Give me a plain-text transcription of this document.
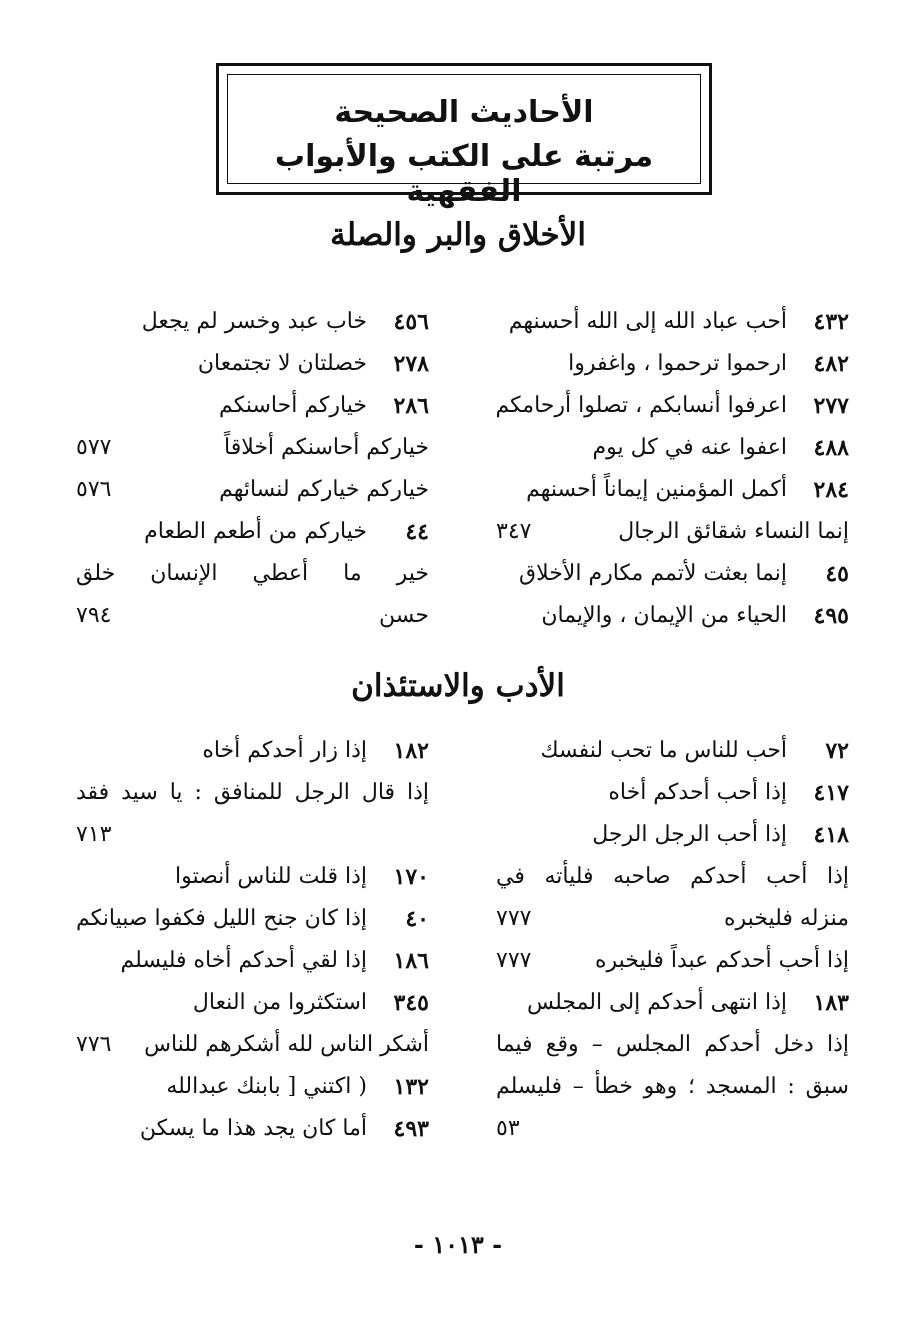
الأحاديث الصحيحة
مرتبة على الكتب والأبواب الفقهية
الأخلاق والبر والصلة
٤٣٢
أحب عباد الله إلى الله أحسنهم
٤٨٢
ارحموا ترحموا ، واغفروا
٢٧٧
اعرفوا أنسابكم ، تصلوا أرحامكم
٤٨٨
اعفوا عنه في كل يوم
٢٨٤
أكمل المؤمنين إيماناً أحسنهم
إنما النساء شقائق الرجال
٣٤٧
٤٥
إنما بعثت لأتمم مكارم الأخلاق
٤٩٥
الحياء من الإيمان ، والإيمان
٤٥٦
خاب عبد وخسر لم يجعل
٢٧٨
خصلتان لا تجتمعان
٢٨٦
خياركم أحاسنكم
خياركم أحاسنكم أخلاقاً
٥٧٧
خياركم خياركم لنسائهم
٥٧٦
٤٤
خياركم من أطعم الطعام
خير ما أعطي الإنسان خلق
حسن
٧٩٤
الأدب والاستئذان
٧٢
أحب للناس ما تحب لنفسك
٤١٧
إذا أحب أحدكم أخاه
٤١٨
إذا أحب الرجل الرجل
إذا أحب أحدكم صاحبه فليأته في
منزله فليخبره
٧٧٧
إذا أحب أحدكم عبداً فليخبره
٧٧٧
١٨٣
إذا انتهى أحدكم إلى المجلس
إذا دخل أحدكم المجلس – وقع فيما
سبق : المسجد ؛ وهو خطأ – فليسلم
٥٣
١٨٢
إذا زار أحدكم أخاه
إذا قال الرجل للمنافق : يا سيد فقد
٧١٣
١٧٠
إذا قلت للناس أنصتوا
٤٠
إذا كان جنح الليل فكفوا صبيانكم
١٨٦
إذا لقي أحدكم أخاه فليسلم
٣٤٥
استكثروا من النعال
أشكر الناس لله أشكرهم للناس
٧٧٦
١٣٢
( اكتني [ بابنك عبدالله
٤٩٣
أما كان يجد هذا ما يسكن
- ١٠١٣ -
